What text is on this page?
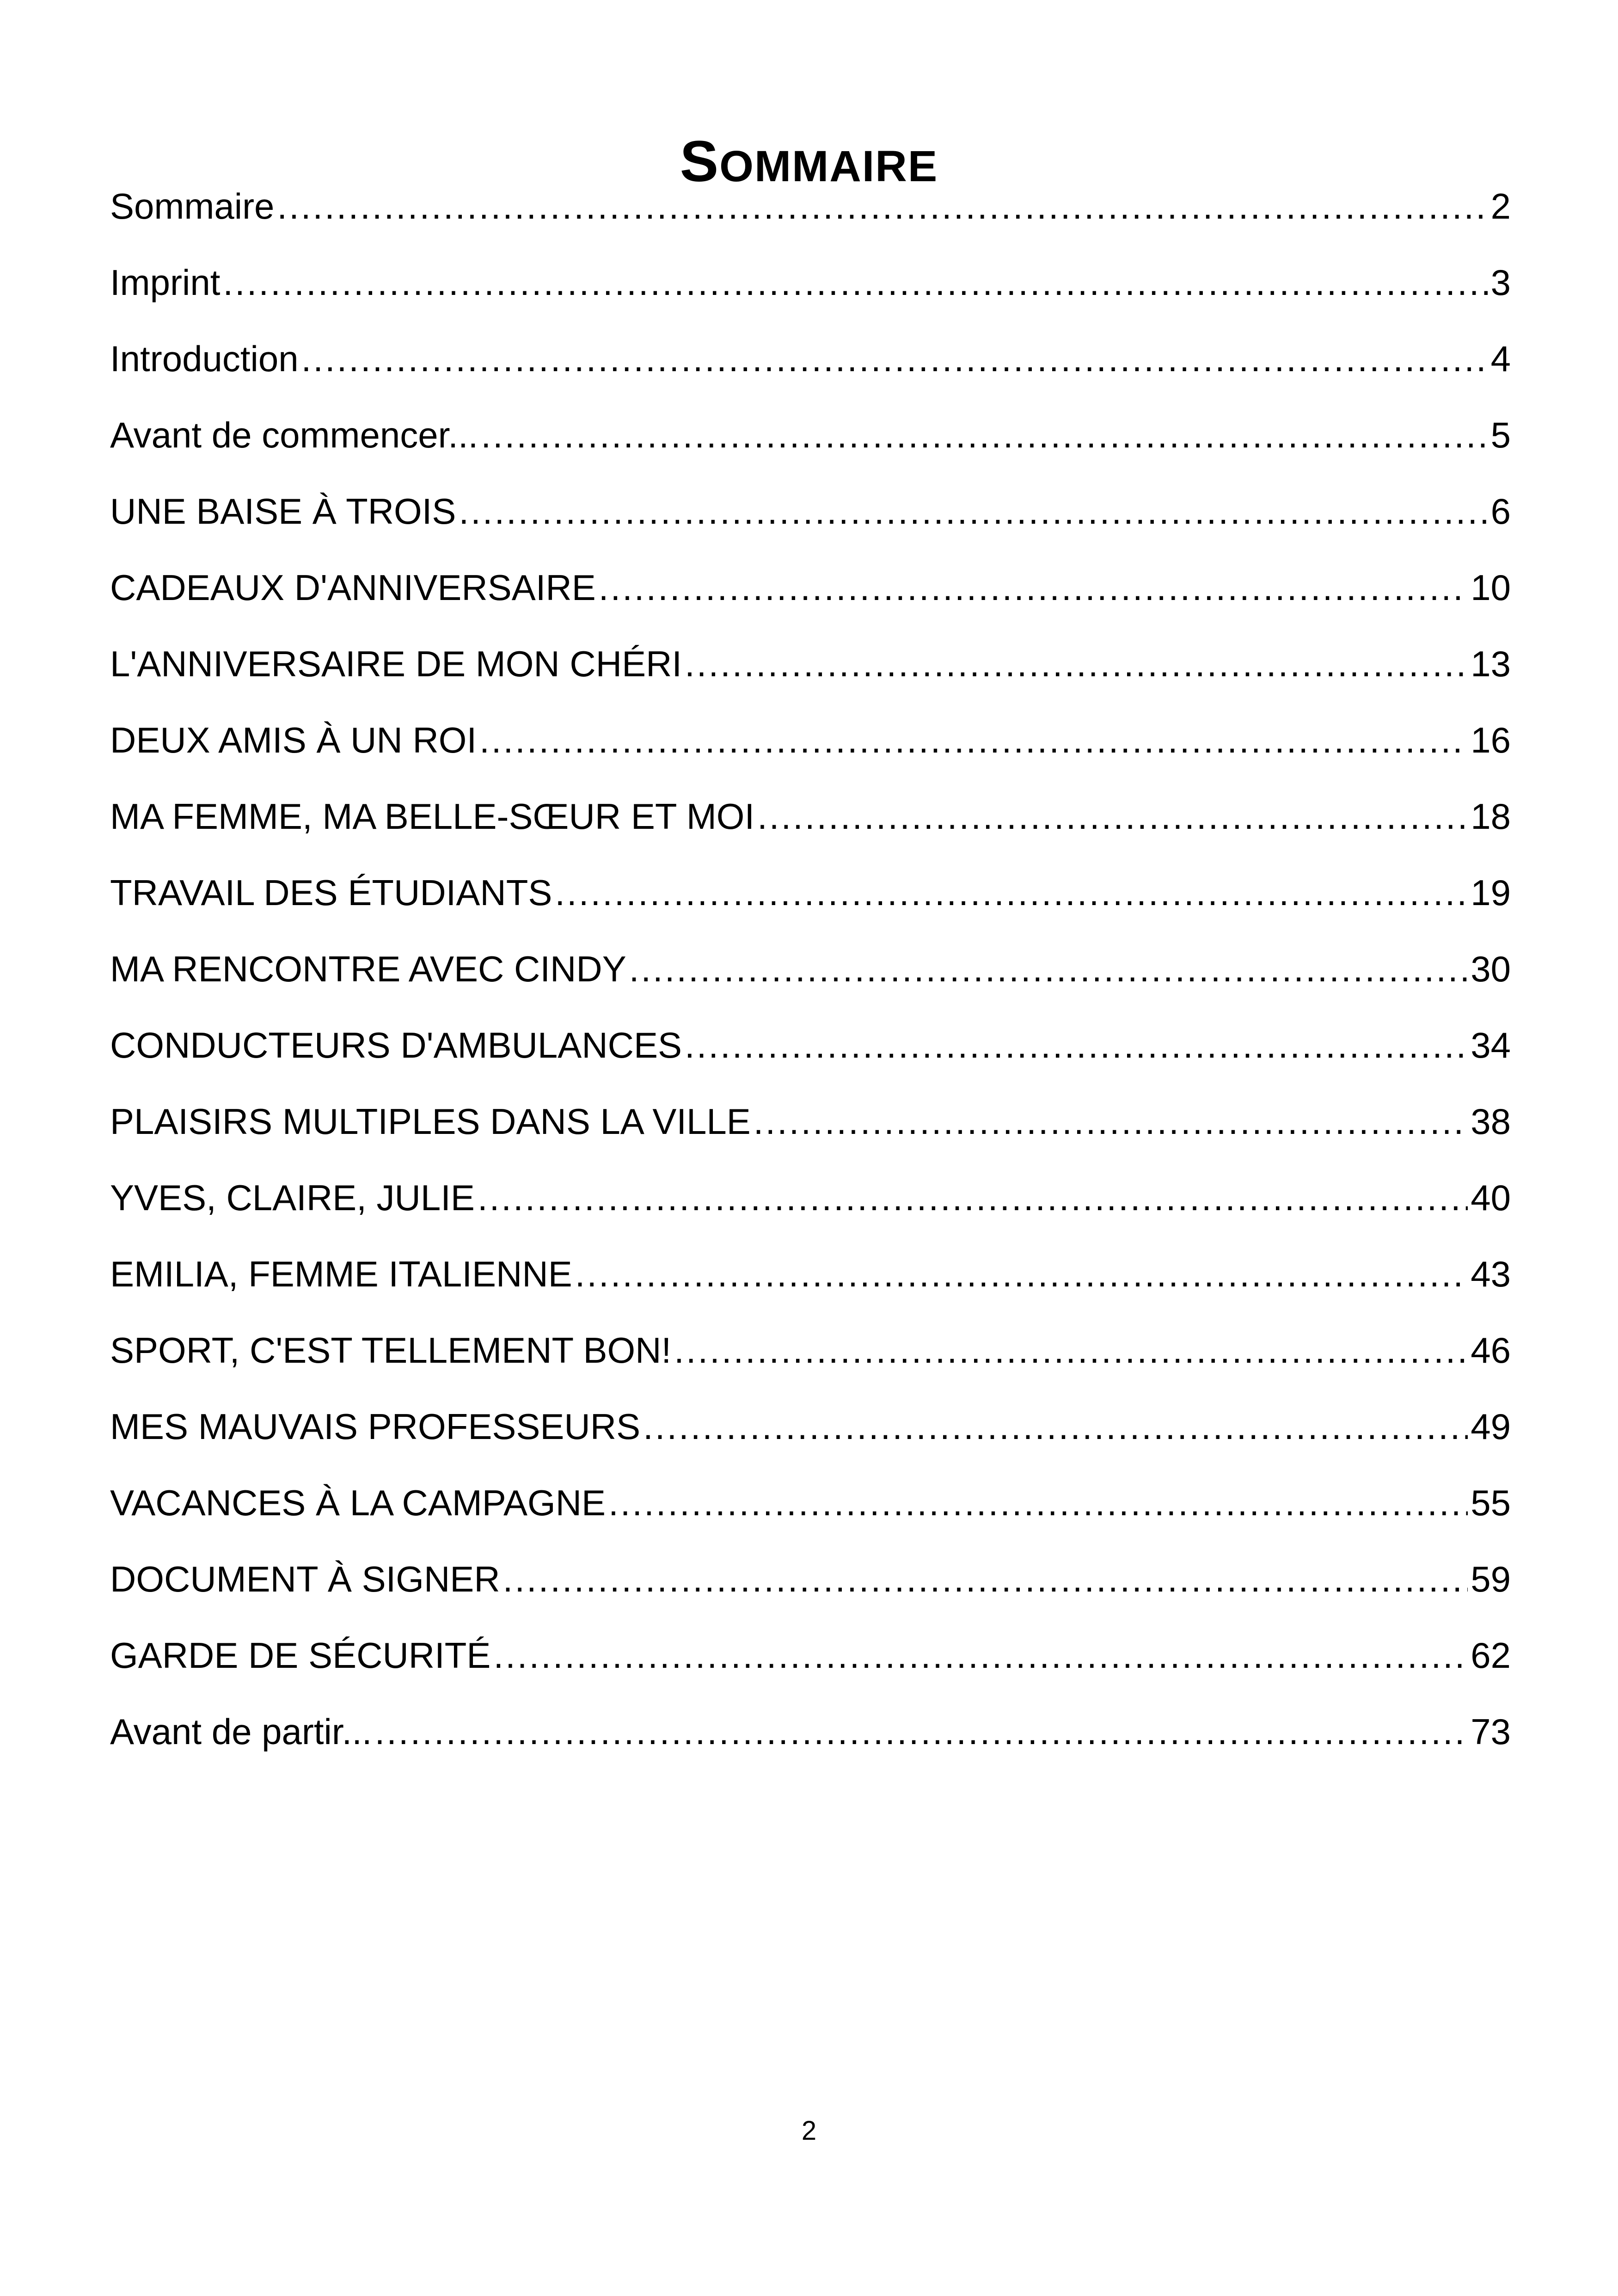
SOMMAIRE
Sommaire .....	2
Imprint .....	3
Introduction .....	4
Avant de commencer... .....	5
UNE BAISE À TROIS .....	6
CADEAUX D'ANNIVERSAIRE .....	10
L'ANNIVERSAIRE DE MON CHÉRI .....	13
DEUX AMIS À UN ROI .....	16
MA FEMME, MA BELLE-SŒUR ET MOI .....	18
TRAVAIL DES ÉTUDIANTS .....	19
MA RENCONTRE AVEC CINDY .....	30
CONDUCTEURS D'AMBULANCES .....	34
PLAISIRS MULTIPLES DANS LA VILLE .....	38
YVES, CLAIRE, JULIE .....	40
EMILIA, FEMME ITALIENNE .....	43
SPORT, C'EST TELLEMENT BON! .....	46
MES MAUVAIS PROFESSEURS .....	49
VACANCES À LA CAMPAGNE .....	55
DOCUMENT À SIGNER .....	59
GARDE DE SÉCURITÉ .....	62
Avant de partir... .....	73
2
